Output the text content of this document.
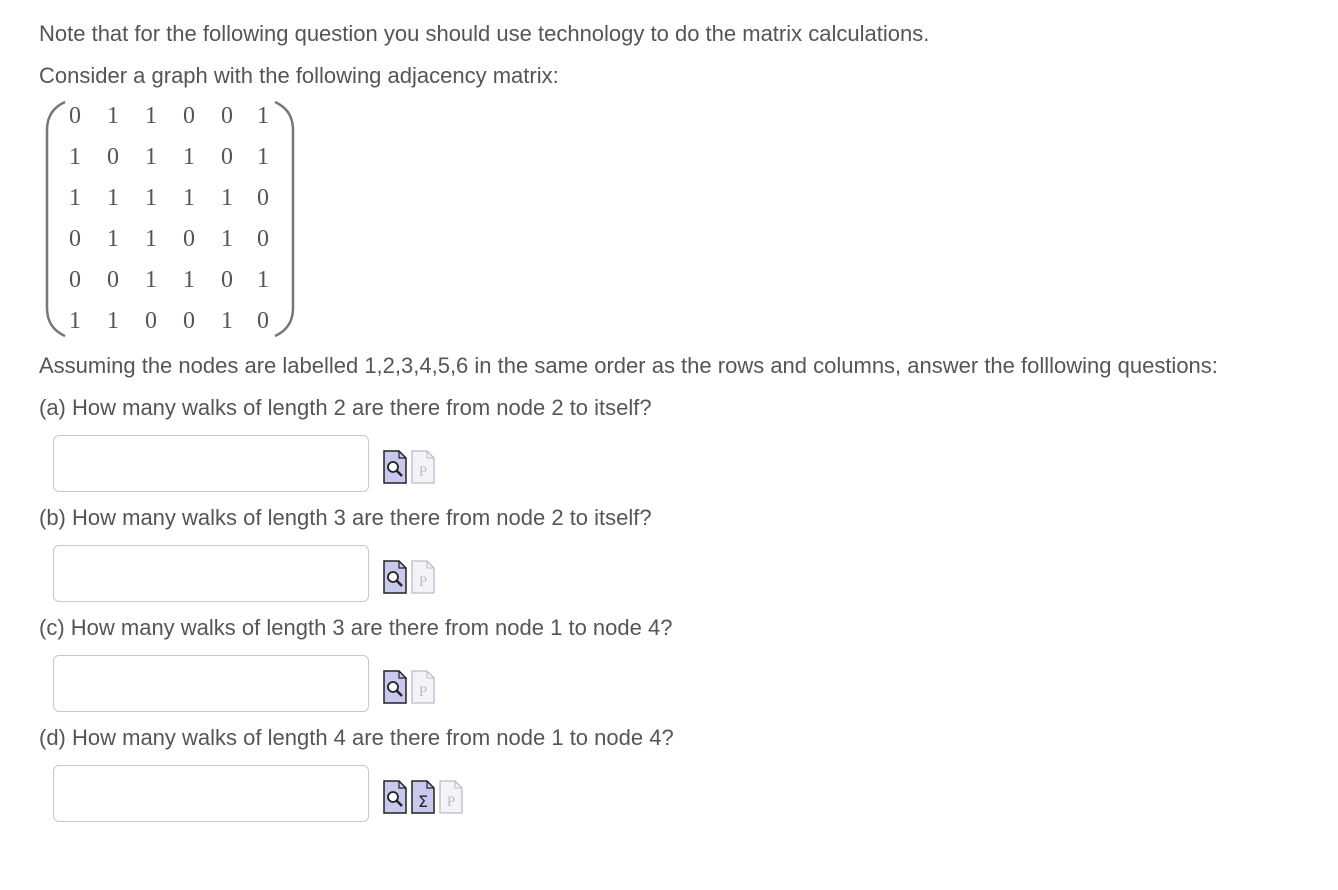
Note that for the following question you should use technology to do the matrix calculations.
Consider a graph with the following adjacency matrix:
0 1 1 0 0 1
1 0 1 1 0 1
1 1 1 1 1 0
0 1 1 0 1 0
0 0 1 1 0 1
1 1 0 0 1 0
Assuming the nodes are labelled 1,2,3,4,5,6 in the same order as the rows and columns, answer the folllowing questions:
(a) How many walks of length 2 are there from node 2 to itself?
P
(b) How many walks of length 3 are there from node 2 to itself?
P
(c) How many walks of length 3 are there from node 1 to node 4?
P
(d) How many walks of length 4 are there from node 1 to node 4?
Σ P
